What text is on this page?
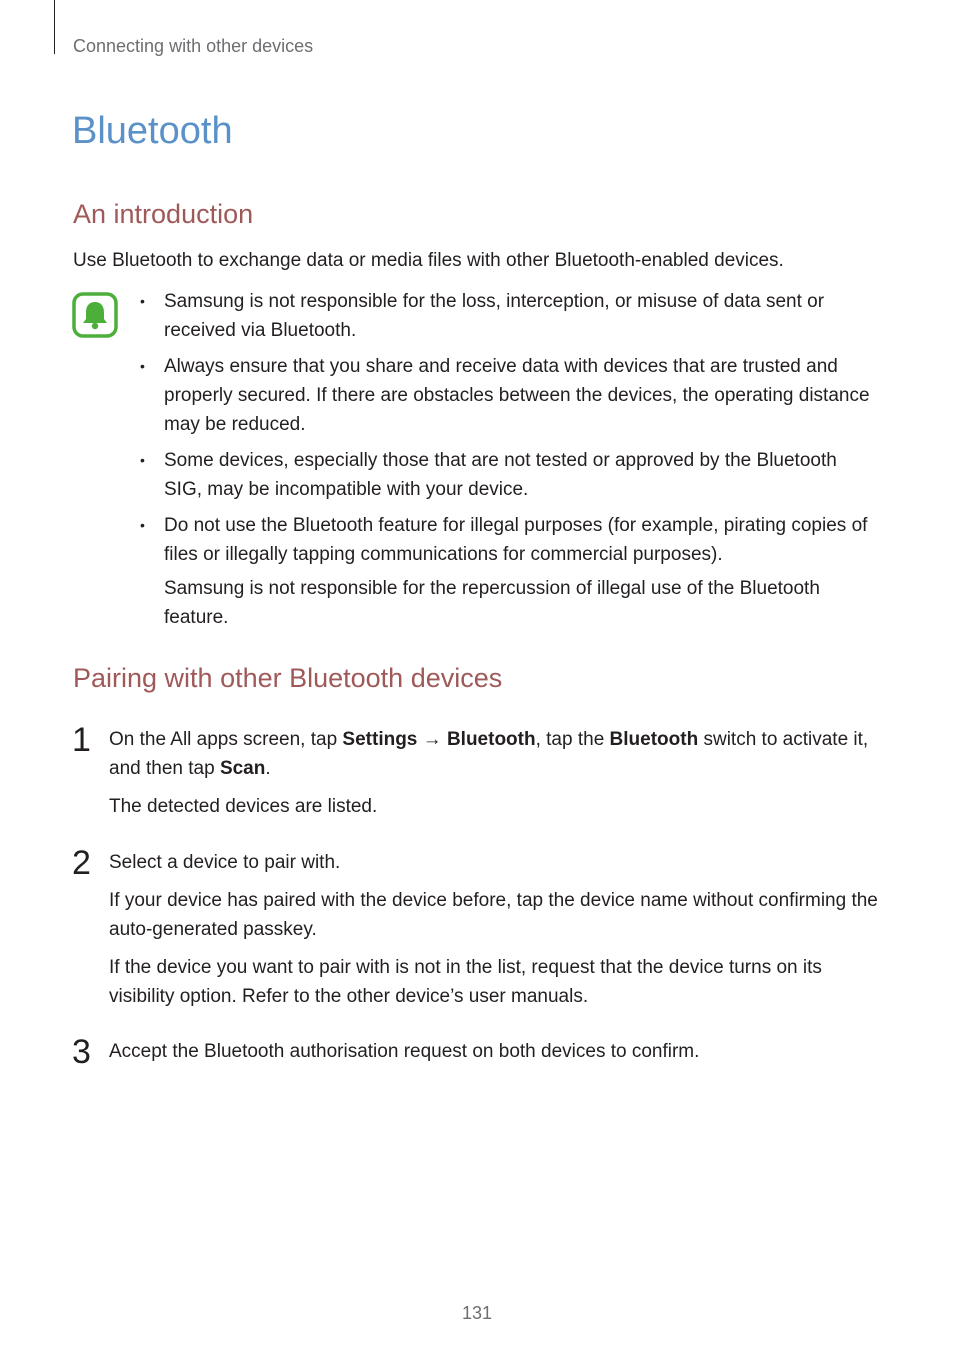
Connecting with other devices
Bluetooth
An introduction
Use Bluetooth to exchange data or media files with other Bluetooth-enabled devices.
• Samsung is not responsible for the loss, interception, or misuse of data sent or received via Bluetooth.

• Always ensure that you share and receive data with devices that are trusted and properly secured. If there are obstacles between the devices, the operating distance may be reduced.

• Some devices, especially those that are not tested or approved by the Bluetooth SIG, may be incompatible with your device.

• Do not use the Bluetooth feature for illegal purposes (for example, pirating copies of files or illegally tapping communications for commercial purposes).

Samsung is not responsible for the repercussion of illegal use of the Bluetooth feature.

Pairing with other Bluetooth devices
1 On the All apps screen, tap Settings → Bluetooth, tap the Bluetooth switch to activate it, and then tap Scan.

The detected devices are listed.

2 Select a device to pair with.

If your device has paired with the device before, tap the device name without confirming the auto-generated passkey.

If the device you want to pair with is not in the list, request that the device turns on its visibility option. Refer to the other device’s user manuals.

3 Accept the Bluetooth authorisation request on both devices to confirm.

131
